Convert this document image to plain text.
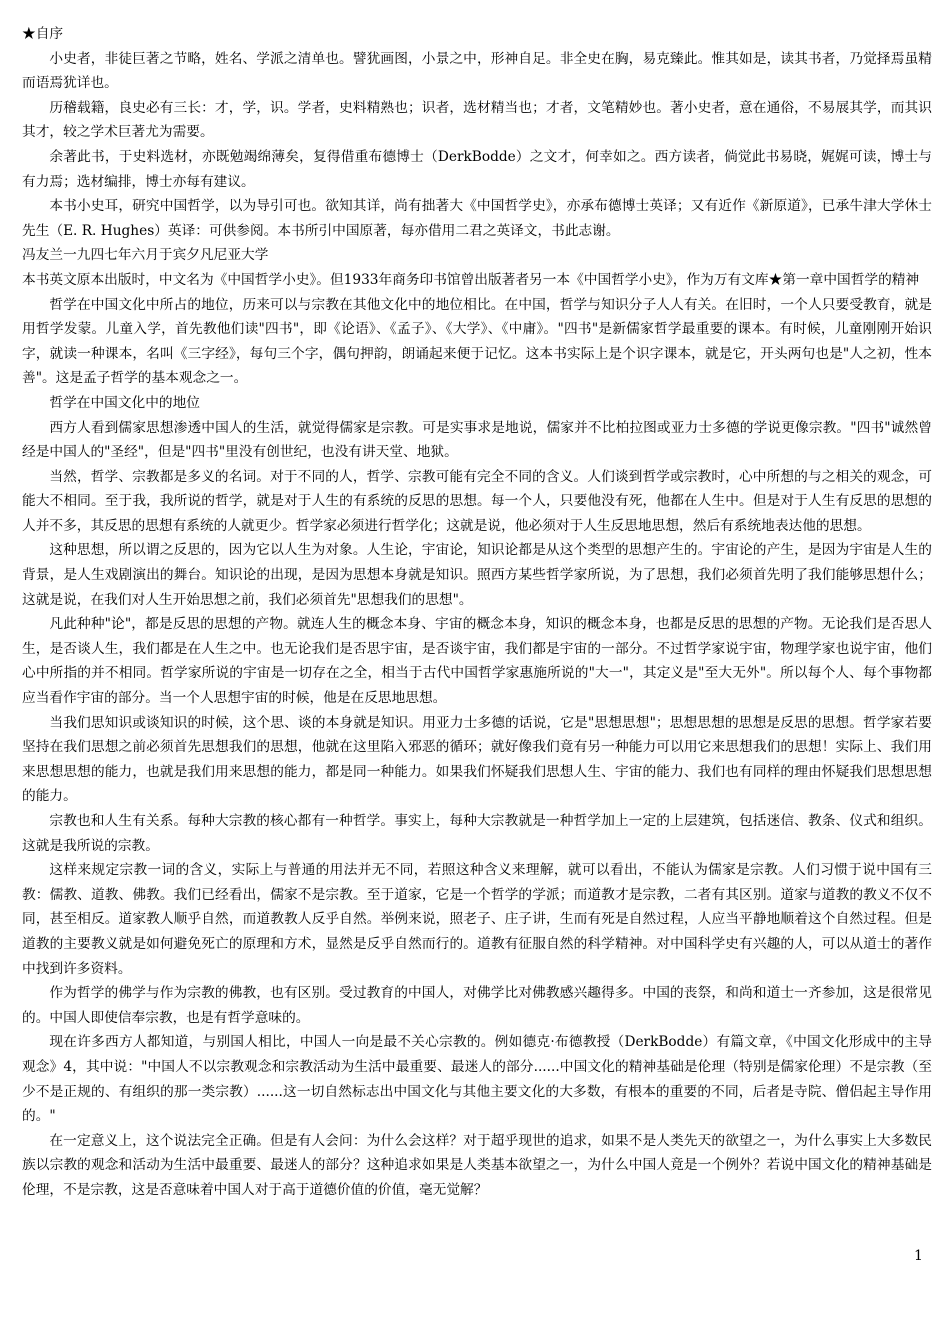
★自序

小史者，非徒巨著之节略，姓名、学派之清单也。譬犹画图，小景之中，形神自足。非全史在胸，易克臻此。惟其如是，读其书者，乃觉择焉虽精而语焉犹详也。

历稽载籍，良史必有三长：才，学，识。学者，史料精熟也；识者，选材精当也；才者，文笔精妙也。著小史者，意在通俗，不易展其学，而其识其才，较之学术巨著尤为需要。

余著此书，于史料选材，亦既勉竭绵薄矣，复得借重布德博士（DerkBodde）之文才，何幸如之。西方读者，倘觉此书易晓，娓娓可读，博士与有力焉；选材编排，博士亦每有建议。

本书小史耳，研究中国哲学，以为导引可也。欲知其详，尚有拙著大《中国哲学史》，亦承布德博士英译；又有近作《新原道》，已承牛津大学休士先生（E. R. Hughes）英译：可供参阅。本书所引中国原著，每亦借用二君之英译文，书此志谢。

冯友兰一九四七年六月于宾夕凡尼亚大学

本书英文原本出版时，中文名为《中国哲学小史》。但1933年商务印书馆曾出版著者另一本《中国哲学小史》，作为万有文库★第一章中国哲学的精神

哲学在中国文化中所占的地位，历来可以与宗教在其他文化中的地位相比。在中国，哲学与知识分子人人有关。在旧时，一个人只要受教育，就是用哲学发蒙。儿童入学，首先教他们读"四书"，即《论语》、《孟子》、《大学》、《中庸》。"四书"是新儒家哲学最重要的课本。有时候，儿童刚刚开始识字，就读一种课本，名叫《三字经》，每句三个字，偶句押韵，朗诵起来便于记忆。这本书实际上是个识字课本，就是它，开头两句也是"人之初，性本善"。这是孟子哲学的基本观念之一。

哲学在中国文化中的地位

西方人看到儒家思想渗透中国人的生活，就觉得儒家是宗教。可是实事求是地说，儒家并不比柏拉图或亚力士多德的学说更像宗教。"四书"诚然曾经是中国人的"圣经"，但是"四书"里没有创世纪，也没有讲天堂、地狱。

当然，哲学、宗教都是多义的名词。对于不同的人，哲学、宗教可能有完全不同的含义。人们谈到哲学或宗教时，心中所想的与之相关的观念，可能大不相同。至于我，我所说的哲学，就是对于人生的有系统的反思的思想。每一个人，只要他没有死，他都在人生中。但是对于人生有反思的思想的人并不多，其反思的思想有系统的人就更少。哲学家必须进行哲学化；这就是说，他必须对于人生反思地思想，然后有系统地表达他的思想。

这种思想，所以谓之反思的，因为它以人生为对象。人生论，宇宙论，知识论都是从这个类型的思想产生的。宇宙论的产生，是因为宇宙是人生的背景，是人生戏剧演出的舞台。知识论的出现，是因为思想本身就是知识。照西方某些哲学家所说，为了思想，我们必须首先明了我们能够思想什么；这就是说，在我们对人生开始思想之前，我们必须首先"思想我们的思想"。

凡此种种"论"，都是反思的思想的产物。就连人生的概念本身、宇宙的概念本身，知识的概念本身，也都是反思的思想的产物。无论我们是否思人生，是否谈人生，我们都是在人生之中。也无论我们是否思宇宙，是否谈宇宙，我们都是宇宙的一部分。不过哲学家说宇宙，物理学家也说宇宙，他们心中所指的并不相同。哲学家所说的宇宙是一切存在之全，相当于古代中国哲学家惠施所说的"大一"，其定义是"至大无外"。所以每个人、每个事物都应当看作宇宙的部分。当一个人思想宇宙的时候，他是在反思地思想。

当我们思知识或谈知识的时候，这个思、谈的本身就是知识。用亚力士多德的话说，它是"思想思想"；思想思想的思想是反思的思想。哲学家若要坚持在我们思想之前必须首先思想我们的思想，他就在这里陷入邪恶的循环；就好像我们竟有另一种能力可以用它来思想我们的思想！实际上、我们用来思想思想的能力，也就是我们用来思想的能力，都是同一种能力。如果我们怀疑我们思想人生、宇宙的能力、我们也有同样的理由怀疑我们思想思想的能力。

宗教也和人生有关系。每种大宗教的核心都有一种哲学。事实上，每种大宗教就是一种哲学加上一定的上层建筑，包括迷信、教条、仪式和组织。这就是我所说的宗教。

这样来规定宗教一词的含义，实际上与普通的用法并无不同，若照这种含义来理解，就可以看出，不能认为儒家是宗教。人们习惯于说中国有三教：儒教、道教、佛教。我们已经看出，儒家不是宗教。至于道家，它是一个哲学的学派；而道教才是宗教，二者有其区别。道家与道教的教义不仅不同，甚至相反。道家教人顺乎自然，而道教教人反乎自然。举例来说，照老子、庄子讲，生而有死是自然过程，人应当平静地顺着这个自然过程。但是道教的主要教义就是如何避免死亡的原理和方术，显然是反乎自然而行的。道教有征服自然的科学精神。对中国科学史有兴趣的人，可以从道士的著作中找到许多资料。

作为哲学的佛学与作为宗教的佛教，也有区别。受过教育的中国人，对佛学比对佛教感兴趣得多。中国的丧祭，和尚和道士一齐参加，这是很常见的。中国人即使信奉宗教，也是有哲学意味的。

现在许多西方人都知道，与别国人相比，中国人一向是最不关心宗教的。例如德克·布德教授（DerkBodde）有篇文章，《中国文化形成中的主导观念》4，其中说："中国人不以宗教观念和宗教活动为生活中最重要、最迷人的部分......中国文化的精神基础是伦理（特别是儒家伦理）不是宗教（至少不是正规的、有组织的那一类宗教）......这一切自然标志出中国文化与其他主要文化的大多数，有根本的重要的不同，后者是寺院、僧侣起主导作用的。"

在一定意义上，这个说法完全正确。但是有人会问：为什么会这样？对于超乎现世的追求，如果不是人类先天的欲望之一，为什么事实上大多数民族以宗教的观念和活动为生活中最重要、最迷人的部分？这种追求如果是人类基本欲望之一，为什么中国人竟是一个例外？若说中国文化的精神基础是伦理，不是宗教，这是否意味着中国人对于高于道德价值的价值，毫无觉解？

1
